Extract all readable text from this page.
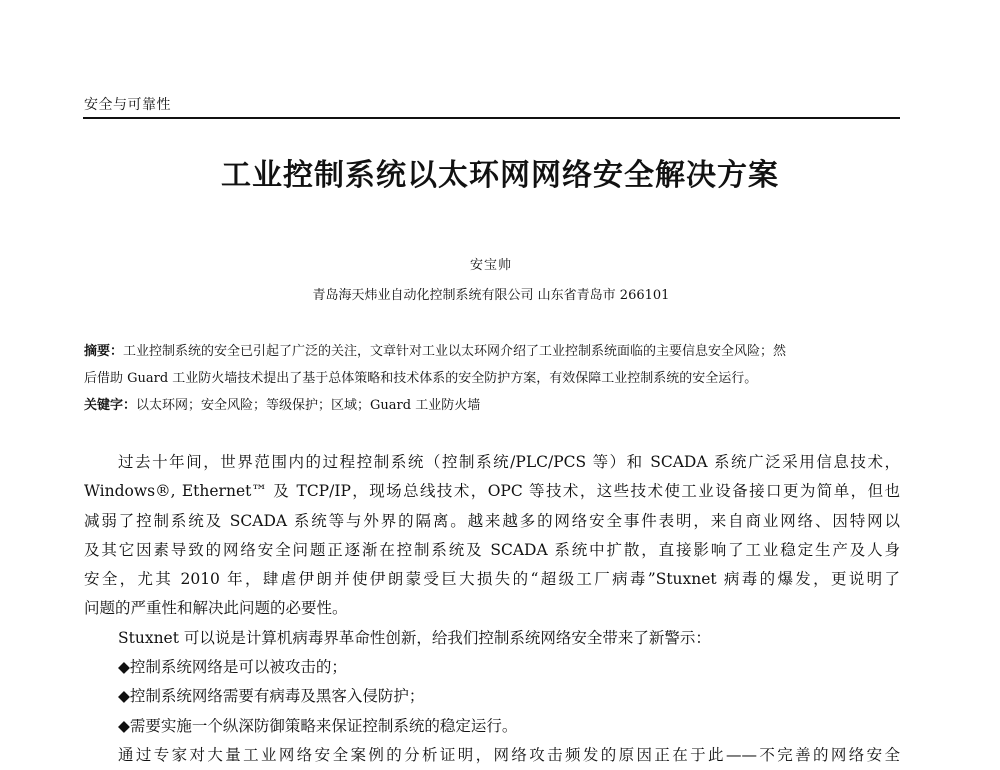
安全与可靠性
工业控制系统以太环网网络安全解决方案
安宝帅
青岛海天炜业自动化控制系统有限公司 山东省青岛市 266101
摘要：工业控制系统的安全已引起了广泛的关注，文章针对工业以太环网介绍了工业控制系统面临的主要信息安全风险；然
后借助 Guard 工业防火墙技术提出了基于总体策略和技术体系的安全防护方案，有效保障工业控制系统的安全运行。
关键字：以太环网；安全风险；等级保护；区域；Guard 工业防火墙
过去十年间，世界范围内的过程控制系统（控制系统/PLC/PCS 等）和 SCADA 系统广泛采用信息技术，
Windows®, Ethernet™ 及 TCP/IP，现场总线技术，OPC 等技术，这些技术使工业设备接口更为简单，但也
减弱了控制系统及 SCADA 系统等与外界的隔离。越来越多的网络安全事件表明，来自商业网络、因特网以
及其它因素导致的网络安全问题正逐渐在控制系统及 SCADA 系统中扩散，直接影响了工业稳定生产及人身
安全，尤其 2010 年，肆虐伊朗并使伊朗蒙受巨大损失的“超级工厂病毒”Stuxnet 病毒的爆发，更说明了
问题的严重性和解决此问题的必要性。
Stuxnet 可以说是计算机病毒界革命性创新，给我们控制系统网络安全带来了新警示：
◆控制系统网络是可以被攻击的；
◆控制系统网络需要有病毒及黑客入侵防护；
◆需要实施一个纵深防御策略来保证控制系统的稳定运行。
通过专家对大量工业网络安全案例的分析证明，网络攻击频发的原因正在于此——不完善的网络安全
